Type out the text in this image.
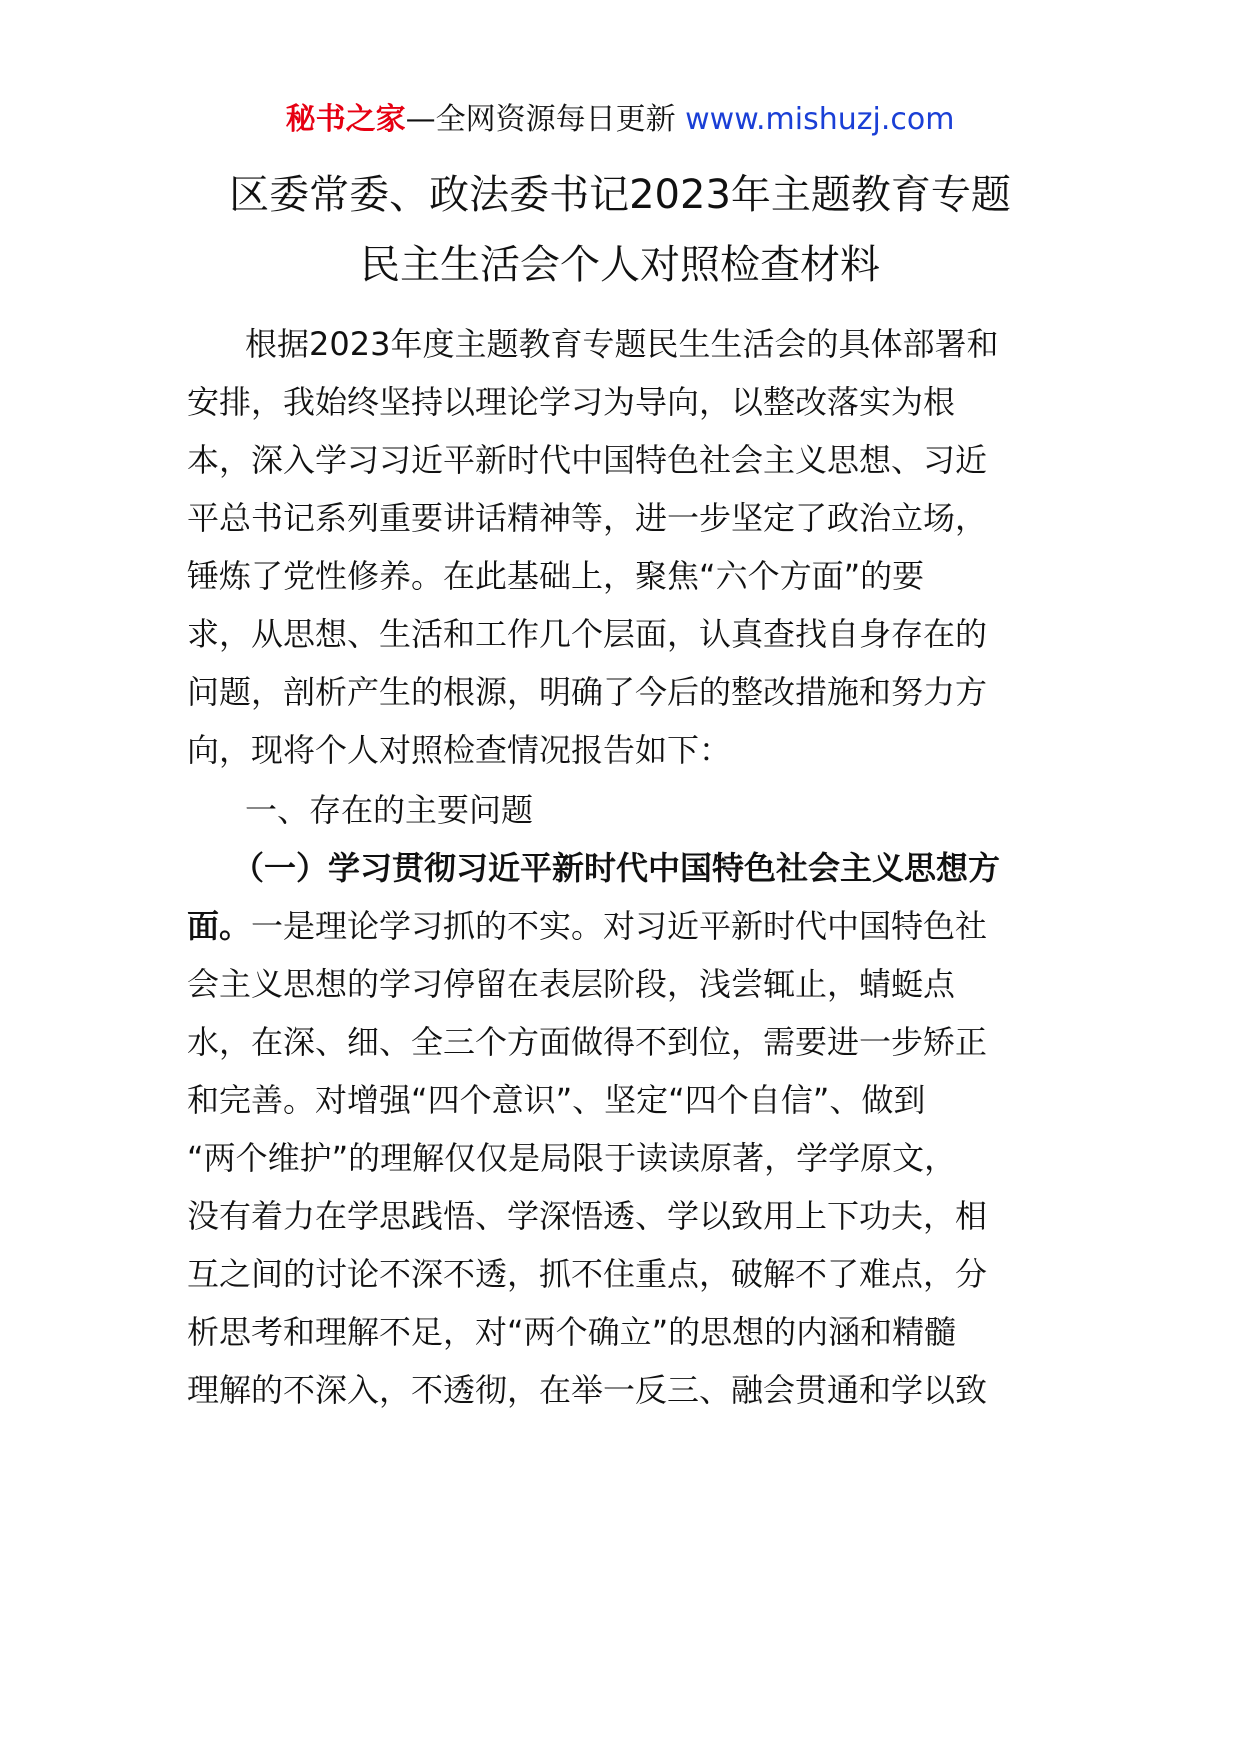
秘书之家—全网资源每日更新 www.mishuzj.com
区委常委、政法委书记2023年主题教育专题
民主生活会个人对照检查材料
根据2023年度主题教育专题民生生活会的具体部署和
安排，我始终坚持以理论学习为导向，以整改落实为根
本，深入学习习近平新时代中国特色社会主义思想、习近
平总书记系列重要讲话精神等，进一步坚定了政治立场，
锤炼了党性修养。在此基础上，聚焦“六个方面”的要
求，从思想、生活和工作几个层面，认真查找自身存在的
问题，剖析产生的根源，明确了今后的整改措施和努力方
向，现将个人对照检查情况报告如下：
一、存在的主要问题
（一）学习贯彻习近平新时代中国特色社会主义思想方
面。一是理论学习抓的不实。对习近平新时代中国特色社
会主义思想的学习停留在表层阶段，浅尝辄止，蜻蜓点
水，在深、细、全三个方面做得不到位，需要进一步矫正
和完善。对增强“四个意识”、坚定“四个自信”、做到
“两个维护”的理解仅仅是局限于读读原著，学学原文，
没有着力在学思践悟、学深悟透、学以致用上下功夫，相
互之间的讨论不深不透，抓不住重点，破解不了难点，分
析思考和理解不足，对“两个确立”的思想的内涵和精髓
理解的不深入，不透彻，在举一反三、融会贯通和学以致
